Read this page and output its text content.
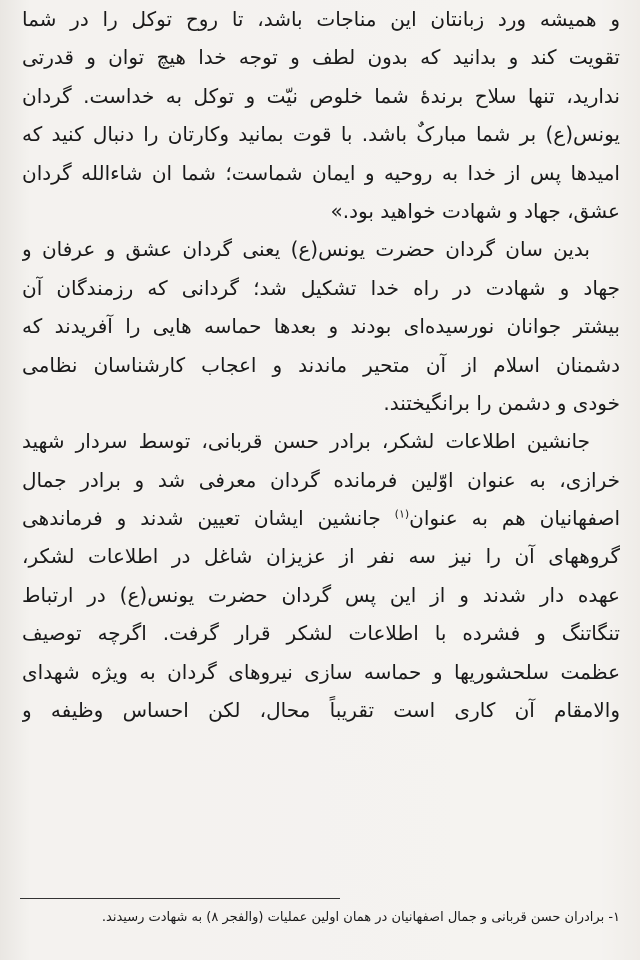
و همیشه ورد زبانتان این مناجات باشد، تا روح توکل را در شما
تقویت کند و بدانید که بدون لطف و توجه خدا هیچ توان و قدرتی
ندارید، تنها سلاح برندهٔ شما خلوص نیّت و توکل به خداست. گردان
یونس(ع) بر شما مبارکٌ باشد. با قوت بمانید وکارتان را دنبال کنید که
امیدها پس از خدا به روحیه و ایمان شماست؛ شما ان شاءالله گردان
عشق، جهاد و شهادت خواهید بود.»
بدین سان گردان حضرت یونس(ع) یعنی گردان عشق و عرفان و
جهاد و شهادت در راه خدا تشکیل شد؛ گردانی که رزمندگان آن
بیشتر جوانان نورسیده‌ای بودند و بعدها حماسه هایی را آفریدند که
دشمنان اسلام از آن متحیر ماندند و اعجاب کارشناسان نظامی
خودی و دشمن را برانگیختند.
جانشین اطلاعات لشکر، برادر حسن قربانی، توسط سردار شهید
خرازی، به عنوان اوّلین فرمانده گردان معرفی شد و برادر جمال
اصفهانیان هم به عنوان$^{(۱)}$ جانشین ایشان تعیین شدند و فرماندهی
گروههای آن را نیز سه نفر از عزیزان شاغل در اطلاعات لشکر،
عهده دار شدند و از این پس گردان حضرت یونس(ع) در ارتباط
تنگاتنگ و فشرده با اطلاعات لشکر قرار گرفت. اگرچه توصیف
عظمت سلحشوریها و حماسه سازی نیروهای گردان به ویژه شهدای
والامقام آن کاری است تقریباً محال، لکن احساس وظیفه و
۱- برادران حسن قربانی و جمال اصفهانیان در همان اولین عملیات (والفجر ۸) به شهادت رسیدند.
